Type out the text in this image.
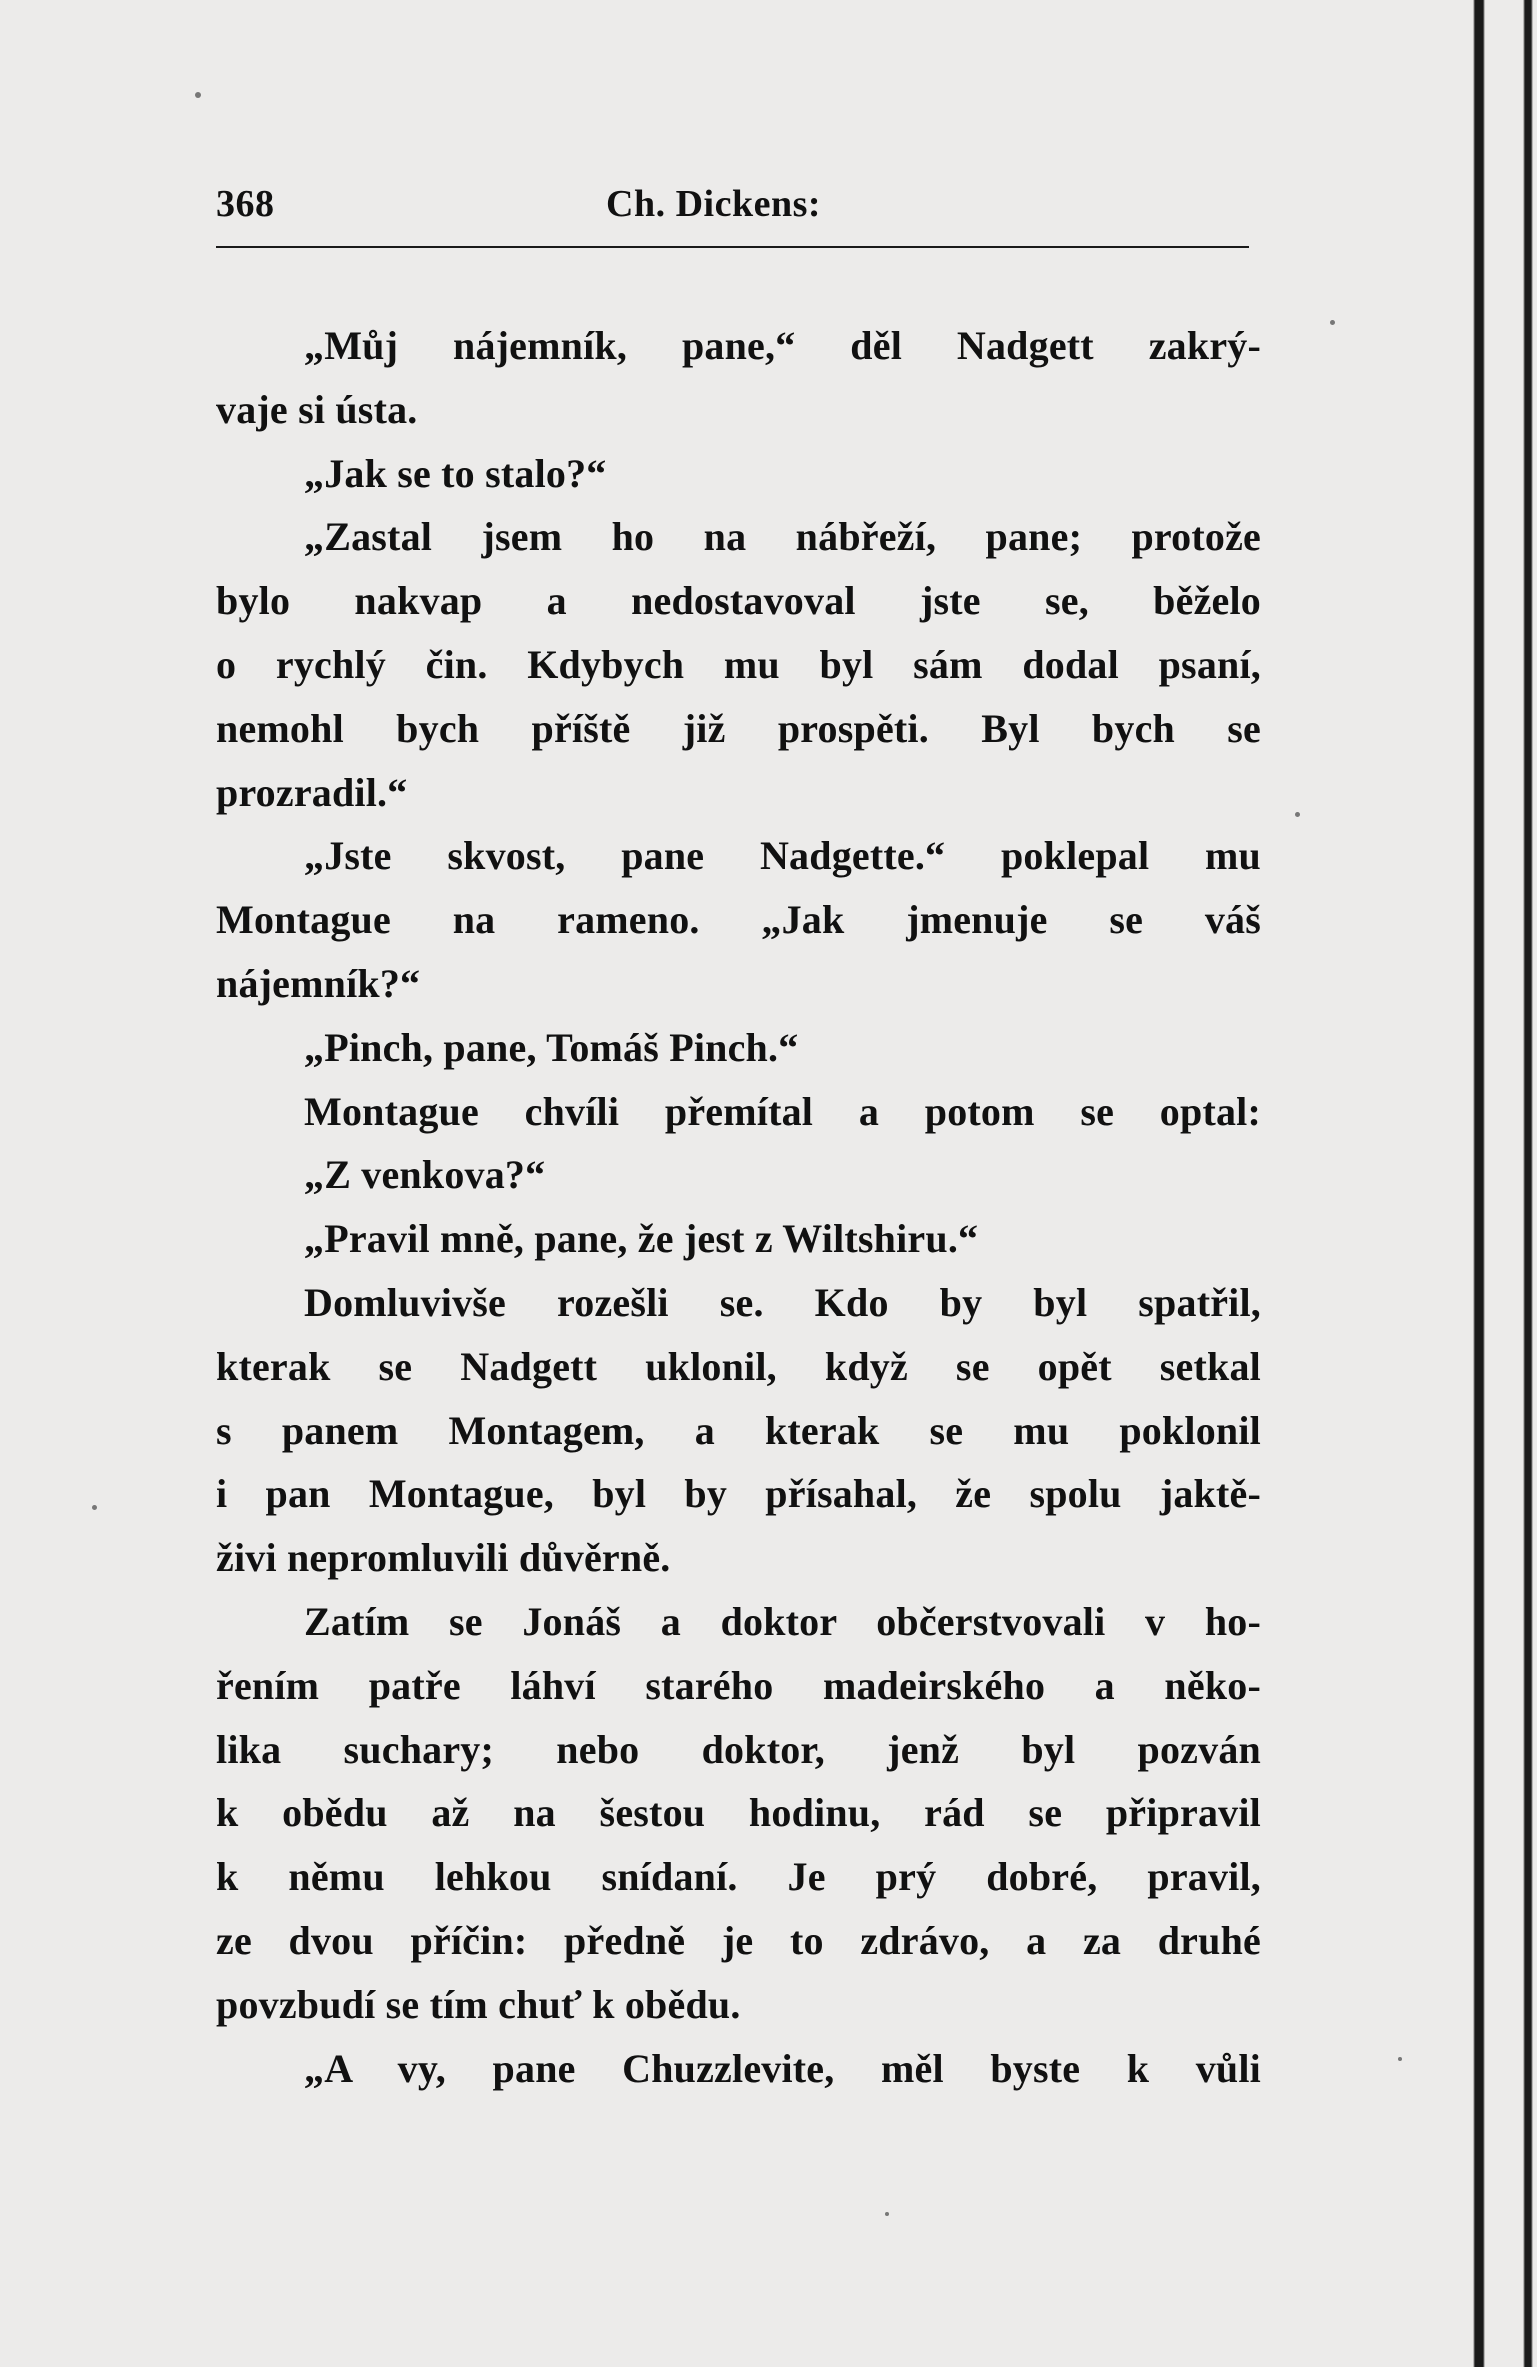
368	Ch. Dickens:
„Můj nájemník, pane,“ děl Nadgett zakrý-
vaje si ústa.
„Jak se to stalo?“
„Zastal jsem ho na nábřeží, pane; protože
bylo nakvap a nedostavoval jste se, běželo
o rychlý čin. Kdybych mu byl sám dodal psaní,
nemohl bych příště již prospěti. Byl bych se
prozradil.“
„Jste skvost, pane Nadgette.“ poklepal mu
Montague na rameno. „Jak jmenuje se váš
nájemník?“
„Pinch, pane, Tomáš Pinch.“
Montague chvíli přemítal a potom se optal:
„Z venkova?“
„Pravil mně, pane, že jest z Wiltshiru.“
Domluvivše rozešli se. Kdo by byl spatřil,
kterak se Nadgett uklonil, když se opět setkal
s panem Montagem, a kterak se mu poklonil
i pan Montague, byl by přísahal, že spolu jaktě-
živi nepromluvili důvěrně.
Zatím se Jonáš a doktor občerstvovali v ho-
řením patře láhví starého madeirského a něko-
lika suchary; nebo doktor, jenž byl pozván
k obědu až na šestou hodinu, rád se připravil
k němu lehkou snídaní. Je prý dobré, pravil,
ze dvou příčin: předně je to zdrávo, a za druhé
povzbudí se tím chuť k obědu.
„A vy, pane Chuzzlevite, měl byste k vůli
